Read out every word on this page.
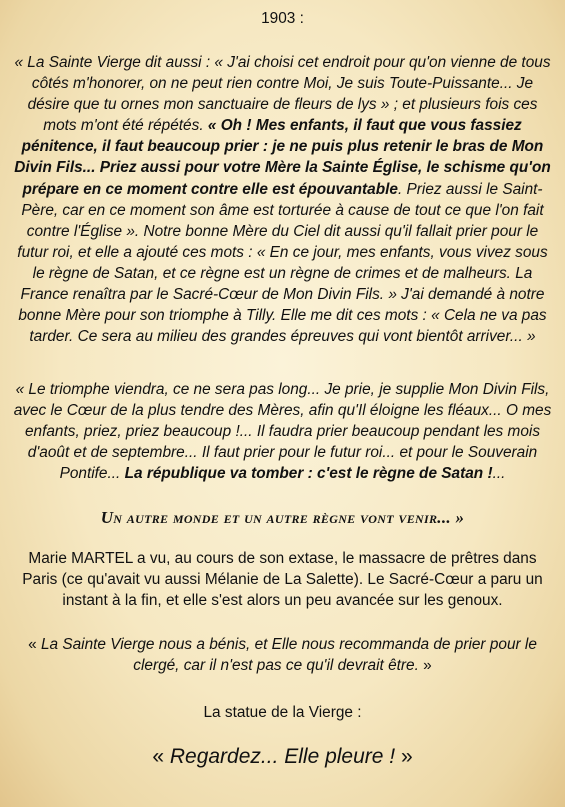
1903 :
« La Sainte Vierge dit aussi : « J'ai choisi cet endroit pour qu'on vienne de tous côtés m'honorer, on ne peut rien contre Moi, Je suis Toute-Puissante... Je désire que tu ornes mon sanctuaire de fleurs de lys » ; et plusieurs fois ces mots m'ont été répétés. « Oh ! Mes enfants, il faut que vous fassiez pénitence, il faut beaucoup prier : je ne puis plus retenir le bras de Mon Divin Fils... Priez aussi pour votre Mère la Sainte Église, le schisme qu'on prépare en ce moment contre elle est épouvantable. Priez aussi le Saint-Père, car en ce moment son âme est torturée à cause de tout ce que l'on fait contre l'Église ». Notre bonne Mère du Ciel dit aussi qu'il fallait prier pour le futur roi, et elle a ajouté ces mots : « En ce jour, mes enfants, vous vivez sous le règne de Satan, et ce règne est un règne de crimes et de malheurs. La France renaîtra par le Sacré-Cœur de Mon Divin Fils. » J'ai demandé à notre bonne Mère pour son triomphe à Tilly. Elle me dit ces mots : « Cela ne va pas tarder. Ce sera au milieu des grandes épreuves qui vont bientôt arriver... »
« Le triomphe viendra, ce ne sera pas long... Je prie, je supplie Mon Divin Fils, avec le Cœur de la plus tendre des Mères, afin qu'Il éloigne les fléaux... O mes enfants, priez, priez beaucoup !... Il faudra prier beaucoup pendant les mois d'août et de septembre... Il faut prier pour le futur roi... et pour le Souverain Pontife... La république va tomber : c'est le règne de Satan !...
Un autre monde et un autre règne vont venir... »
Marie MARTEL a vu, au cours de son extase, le massacre de prêtres dans Paris (ce qu'avait vu aussi Mélanie de La Salette). Le Sacré-Cœur a paru un instant à la fin, et elle s'est alors un peu avancée sur les genoux.
« La Sainte Vierge nous a bénis, et Elle nous recommanda de prier pour le clergé, car il n'est pas ce qu'il devrait être. »
La statue de la Vierge :
« Regardez... Elle pleure ! »
